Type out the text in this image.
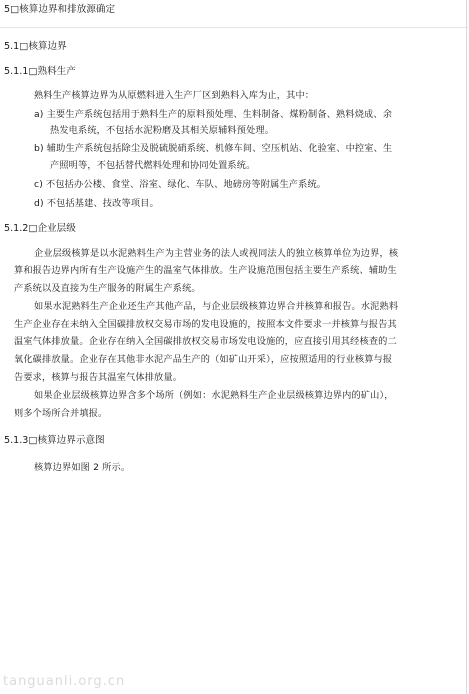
5□核算边界和排放源确定
5.1□核算边界
5.1.1□熟料生产
熟料生产核算边界为从原燃料进入生产厂区到熟料入库为止，其中：
a) 主要生产系统包括用于熟料生产的原料预处理、生料制备、煤粉制备、熟料烧成、余
热发电系统，不包括水泥粉磨及其相关原辅料预处理。
b) 辅助生产系统包括除尘及脱硫脱硝系统、机修车间、空压机站、化验室、中控室、生
产照明等，不包括替代燃料处理和协同处置系统。
c) 不包括办公楼、食堂、浴室、绿化、车队、地磅房等附属生产系统。
d) 不包括基建、技改等项目。
5.1.2□企业层级
企业层级核算是以水泥熟料生产为主营业务的法人或视同法人的独立核算单位为边界，核
算和报告边界内所有生产设施产生的温室气体排放。生产设施范围包括主要生产系统、辅助生
产系统以及直接为生产服务的附属生产系统。
如果水泥熟料生产企业还生产其他产品，与企业层级核算边界合并核算和报告。水泥熟料
生产企业存在未纳入全国碳排放权交易市场的发电设施的，按照本文件要求一并核算与报告其
温室气体排放量。企业存在纳入全国碳排放权交易市场发电设施的，应直接引用其经核查的二
氧化碳排放量。企业存在其他非水泥产品生产的（如矿山开采），应按照适用的行业核算与报
告要求，核算与报告其温室气体排放量。
如果企业层级核算边界含多个场所（例如：水泥熟料生产企业层级核算边界内的矿山），
则多个场所合并填报。
5.1.3□核算边界示意图
核算边界如图 2 所示。
tanguanli.org.cn
